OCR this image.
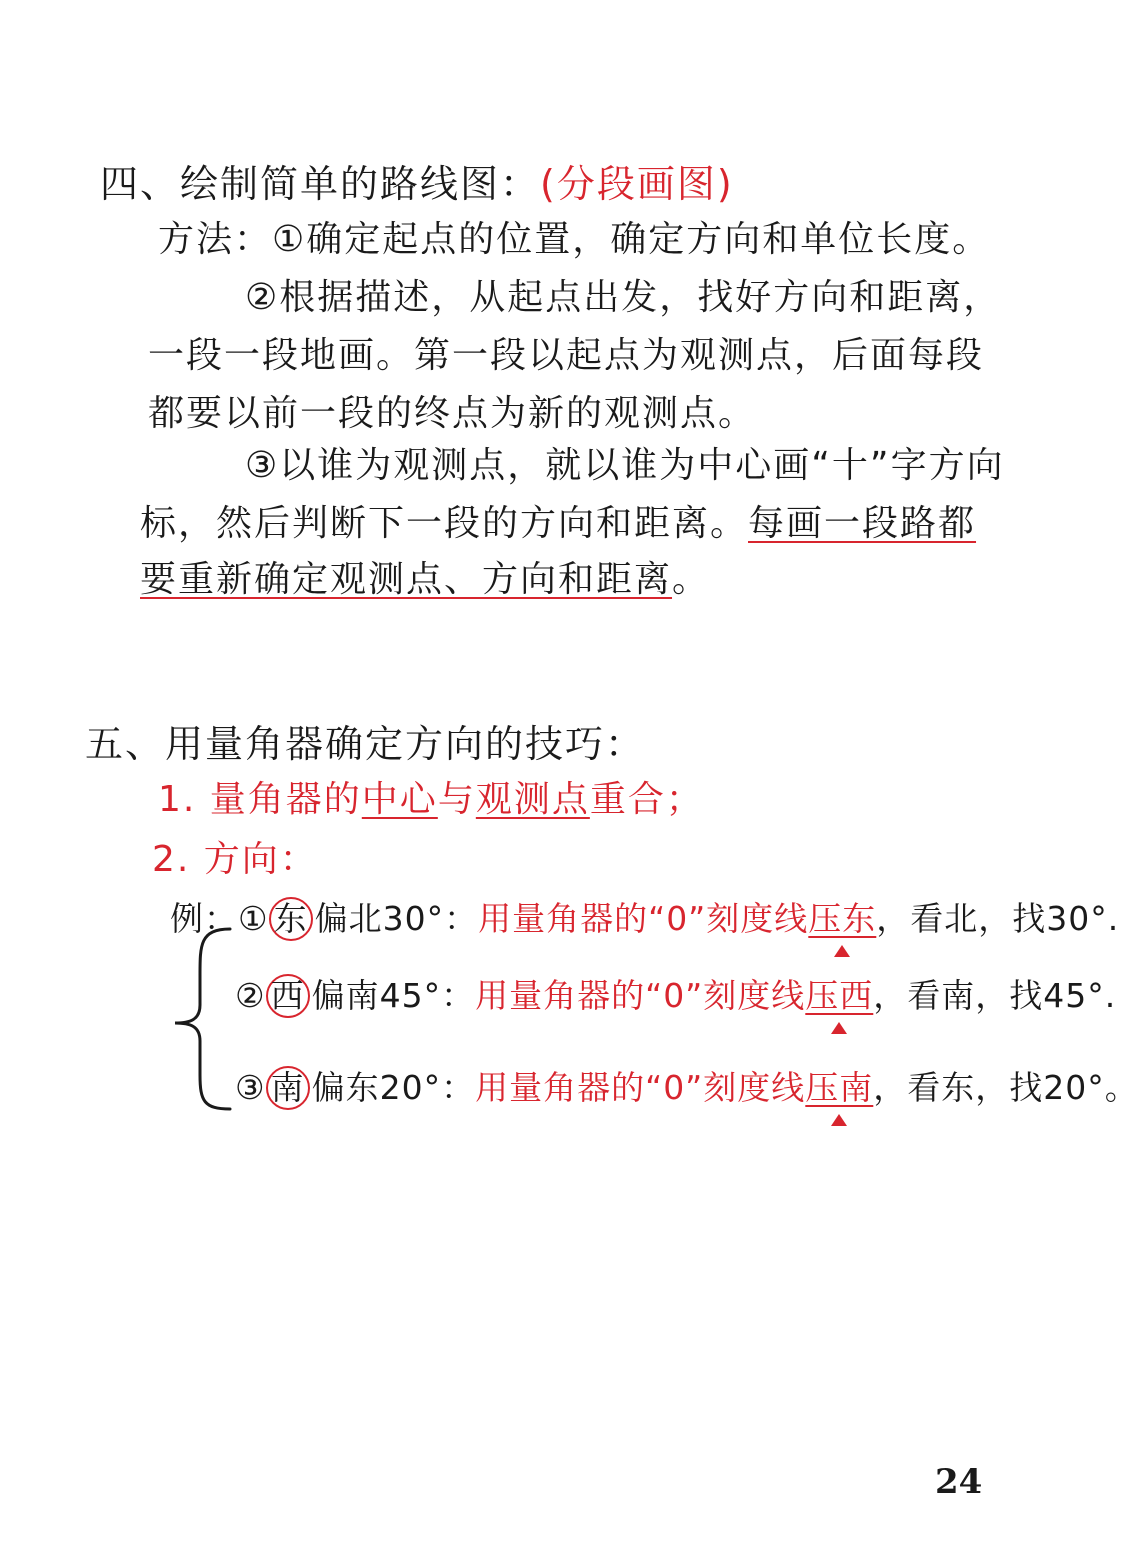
四、绘制简单的路线图：(分段画图)
方法：①确定起点的位置，确定方向和单位长度。
②根据描述，从起点出发，找好方向和距离，
一段一段地画。第一段以起点为观测点，后面每段
都要以前一段的终点为新的观测点。
③以谁为观测点，就以谁为中心画“十”字方向
标，然后判断下一段的方向和距离。每画一段路都
要重新确定观测点、方向和距离。
五、用量角器确定方向的技巧：
1. 量角器的中心与观测点重合；
2. 方向：
例：① 东 偏北30°：用量角器的“0”刻度线压东
，看北，找30°.
② 西 偏南45°：用量角器的“0”刻度线压西
，看南，找45°.
③ 南 偏东20°：用量角器的“0”刻度线压南
，看东，找20°。
24
